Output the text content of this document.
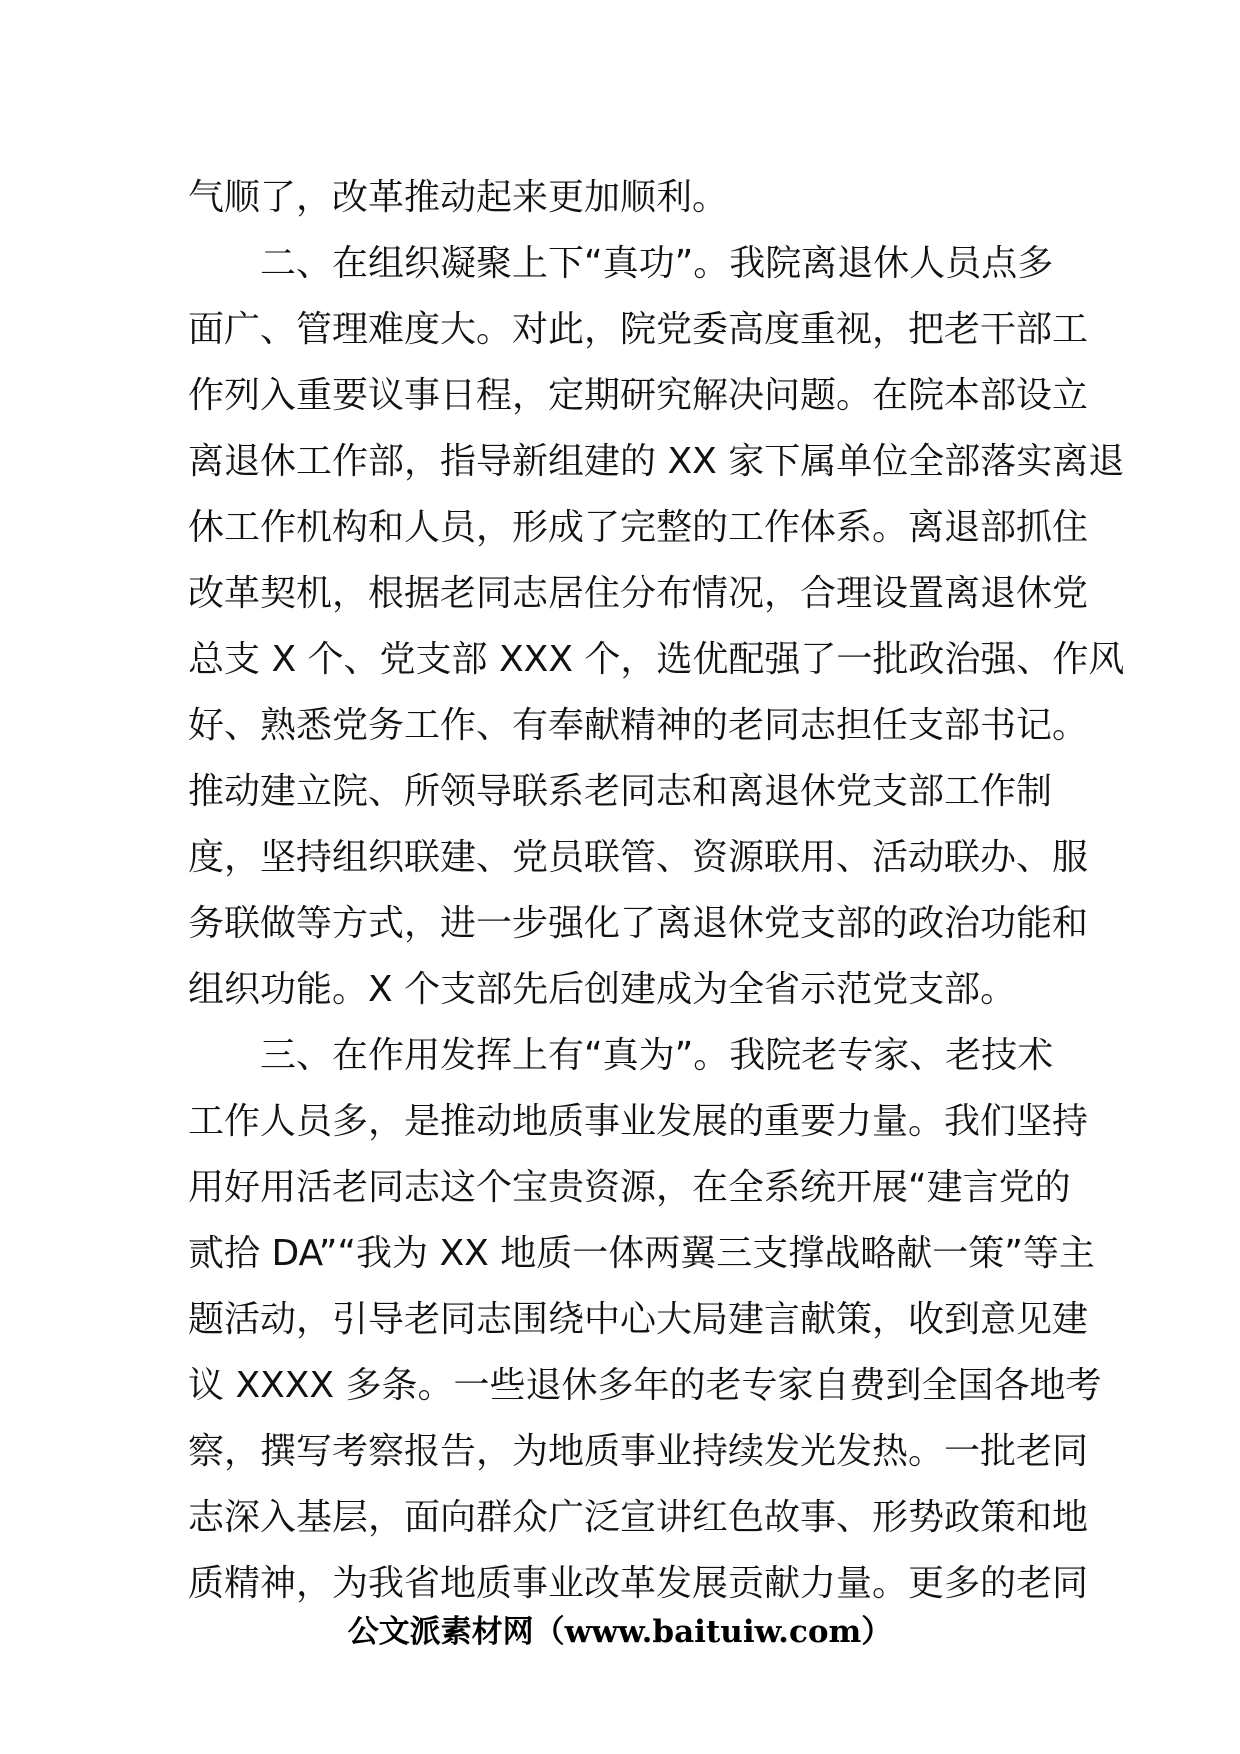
气顺了，改革推动起来更加顺利。
　　二、在组织凝聚上下“真功”。我院离退休人员点多
面广、管理难度大。对此，院党委高度重视，把老干部工
作列入重要议事日程，定期研究解决问题。在院本部设立
离退休工作部，指导新组建的 XX 家下属单位全部落实离退
休工作机构和人员，形成了完整的工作体系。离退部抓住
改革契机，根据老同志居住分布情况，合理设置离退休党
总支 X 个、党支部 XXX 个，选优配强了一批政治强、作风
好、熟悉党务工作、有奉献精神的老同志担任支部书记。
推动建立院、所领导联系老同志和离退休党支部工作制
度，坚持组织联建、党员联管、资源联用、活动联办、服
务联做等方式，进一步强化了离退休党支部的政治功能和
组织功能。X 个支部先后创建成为全省示范党支部。
　　三、在作用发挥上有“真为”。我院老专家、老技术
工作人员多，是推动地质事业发展的重要力量。我们坚持
用好用活老同志这个宝贵资源，在全系统开展“建言党的
贰拾 DA”“我为 XX 地质一体两翼三支撑战略献一策”等主
题活动，引导老同志围绕中心大局建言献策，收到意见建
议 XXXX 多条。一些退休多年的老专家自费到全国各地考
察，撰写考察报告，为地质事业持续发光发热。一批老同
志深入基层，面向群众广泛宣讲红色故事、形势政策和地
质精神，为我省地质事业改革发展贡献力量。更多的老同
公文派素材网（www.baituiw.com）
